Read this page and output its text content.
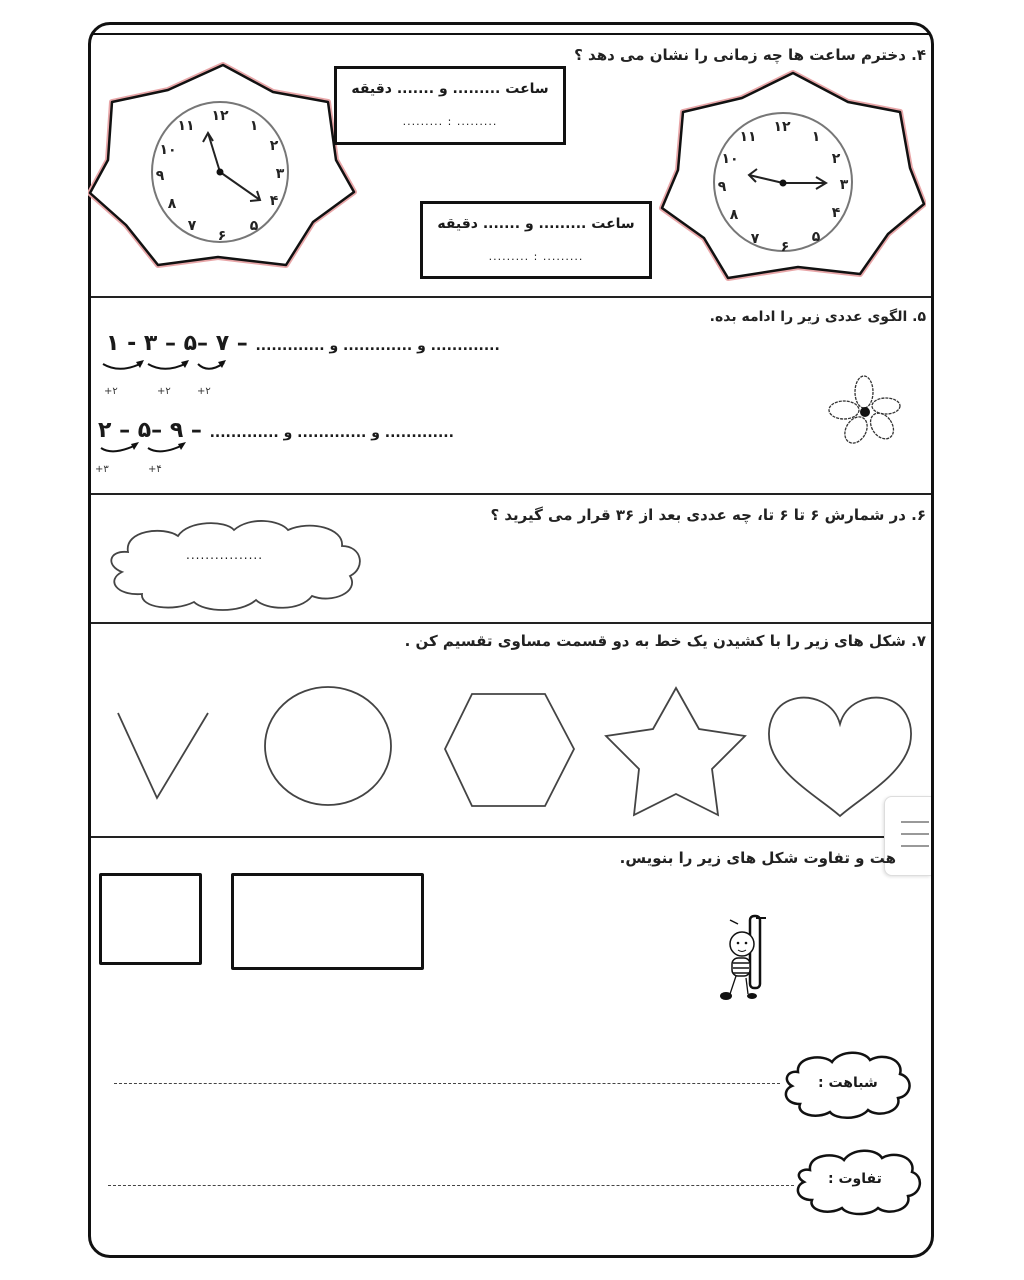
۴. دخترم ساعت ها چه زمانی را نشان می دهد ؟
١٢
١
٢
٣
۴
۵
۶
٧
٨
٩
١٠
١١
ساعت ......... و ....... دقیقه
......... : .........
ساعت ......... و ....... دقیقه
......... : .........
١٢
١
٢
٣
۴
۵
۶
٧
٨
٩
١٠
١١
۵. الگوی عددی زیر را ادامه بده.
۱ - ۳ – ۵– ۷ – ............. و ............. و .............
+۲	+۲	+۲
۲ – ۵– ۹ – ............. و ............. و .............
+۳	+۴
۶. در شمارش ۶ تا ۶ تا، چه عددی بعد از ۳۶ قرار می گیرید ؟
................
۷. شکل های زیر را با کشیدن یک خط به دو قسمت مساوی تقسیم کن .
هت و تفاوت شکل های زیر را بنویس.
شباهت :
تفاوت :
